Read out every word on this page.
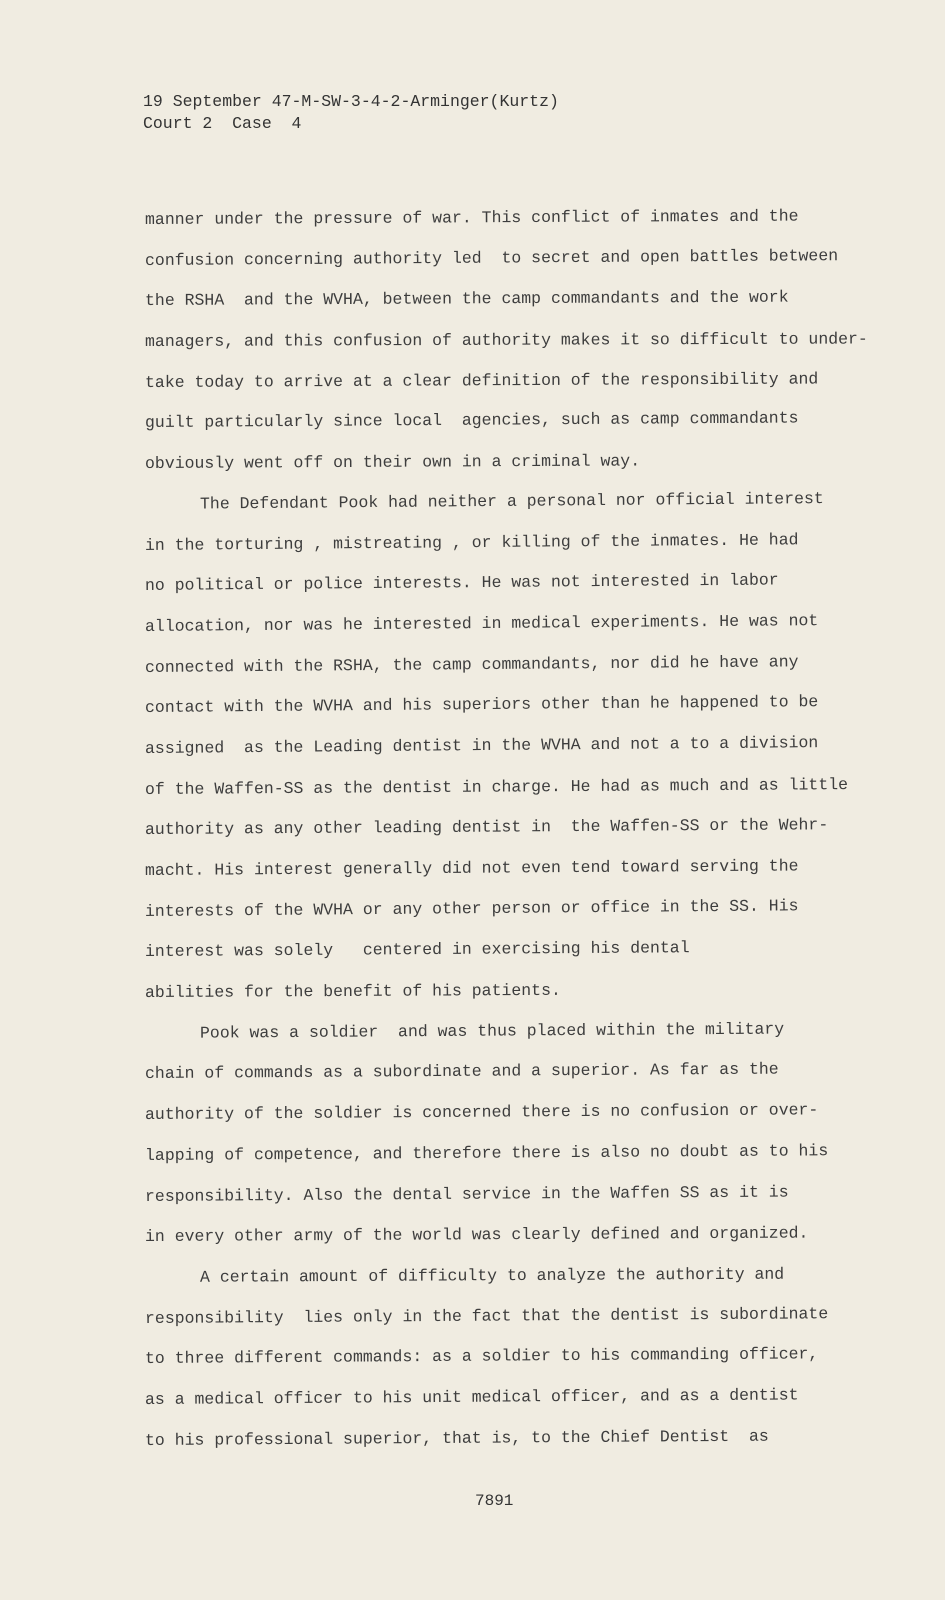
19 September 47-M-SW-3-4-2-Arminger(Kurtz)
Court 2  Case  4
manner under the pressure of war. This conflict of inmates and the
confusion concerning authority led  to secret and open battles between
the RSHA  and the WVHA, between the camp commandants and the work
managers, and this confusion of authority makes it so difficult to under-
take today to arrive at a clear definition of the responsibility and
guilt particularly since local  agencies, such as camp commandants
obviously went off on their own in a criminal way.
The Defendant Pook had neither a personal nor official interest
in the torturing , mistreating , or killing of the inmates. He had
no political or police interests. He was not interested in labor
allocation, nor was he interested in medical experiments. He was not
connected with the RSHA, the camp commandants, nor did he have any
contact with the WVHA and his superiors other than he happened to be
assigned  as the Leading dentist in the WVHA and not a to a division
of the Waffen-SS as the dentist in charge. He had as much and as little
authority as any other leading dentist in  the Waffen-SS or the Wehr-
macht. His interest generally did not even tend toward serving the
interests of the WVHA or any other person or office in the SS. His
interest was solely   centered in exercising his dental
abilities for the benefit of his patients.
Pook was a soldier  and was thus placed within the military
chain of commands as a subordinate and a superior. As far as the
authority of the soldier is concerned there is no confusion or over-
lapping of competence, and therefore there is also no doubt as to his
responsibility. Also the dental service in the Waffen SS as it is
in every other army of the world was clearly defined and organized.
A certain amount of difficulty to analyze the authority and
responsibility  lies only in the fact that the dentist is subordinate
to three different commands: as a soldier to his commanding officer,
as a medical officer to his unit medical officer, and as a dentist
to his professional superior, that is, to the Chief Dentist  as
7891
